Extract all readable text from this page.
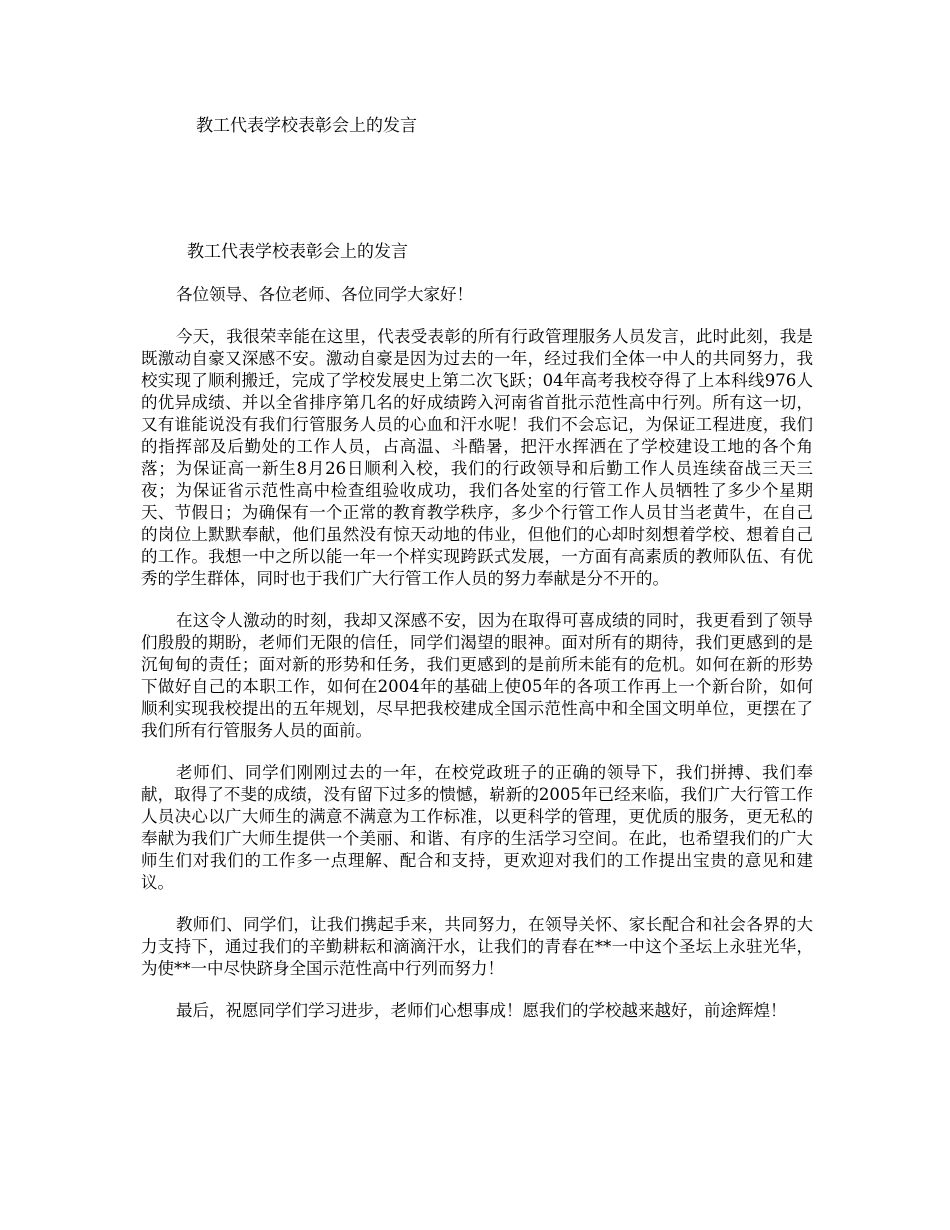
教工代表学校表彰会上的发言

教工代表学校表彰会上的发言

各位领导、各位老师、各位同学大家好！

今天，我很荣幸能在这里，代表受表彰的所有行政管理服务人员发言，此时此刻，我是既激动自豪又深感不安。激动自豪是因为过去的一年，经过我们全体一中人的共同努力，我校实现了顺利搬迁，完成了学校发展史上第二次飞跃；04年高考我校夺得了上本科线976人的优异成绩、并以全省排序第几名的好成绩跨入河南省首批示范性高中行列。所有这一切，又有谁能说没有我们行管服务人员的心血和汗水呢！我们不会忘记，为保证工程进度，我们的指挥部及后勤处的工作人员，占高温、斗酷暑，把汗水挥洒在了学校建设工地的各个角落；为保证高一新生8月26日顺利入校，我们的行政领导和后勤工作人员连续奋战三天三夜；为保证省示范性高中检查组验收成功，我们各处室的行管工作人员牺牲了多少个星期天、节假日；为确保有一个正常的教育教学秩序，多少个行管工作人员甘当老黄牛，在自己的岗位上默默奉献，他们虽然没有惊天动地的伟业，但他们的心却时刻想着学校、想着自己的工作。我想一中之所以能一年一个样实现跨跃式发展，一方面有高素质的教师队伍、有优秀的学生群体，同时也于我们广大行管工作人员的努力奉献是分不开的。

在这令人激动的时刻，我却又深感不安，因为在取得可喜成绩的同时，我更看到了领导们殷殷的期盼，老师们无限的信任，同学们渴望的眼神。面对所有的期待，我们更感到的是沉甸甸的责任；面对新的形势和任务，我们更感到的是前所未能有的危机。如何在新的形势下做好自己的本职工作，如何在2004年的基础上使05年的各项工作再上一个新台阶，如何顺利实现我校提出的五年规划，尽早把我校建成全国示范性高中和全国文明单位，更摆在了我们所有行管服务人员的面前。

老师们、同学们刚刚过去的一年，在校党政班子的正确的领导下，我们拼搏、我们奉献，取得了不斐的成绩，没有留下过多的愦憾，崭新的2005年已经来临，我们广大行管工作人员决心以广大师生的满意不满意为工作标准，以更科学的管理，更优质的服务，更无私的奉献为我们广大师生提供一个美丽、和谐、有序的生活学习空间。在此，也希望我们的广大师生们对我们的工作多一点理解、配合和支持，更欢迎对我们的工作提出宝贵的意见和建议。

教师们、同学们，让我们携起手来，共同努力，在领导关怀、家长配合和社会各界的大力支持下，通过我们的辛勤耕耘和滴滴汗水，让我们的青春在**一中这个圣坛上永驻光华，为使**一中尽快跻身全国示范性高中行列而努力！

最后，祝愿同学们学习进步，老师们心想事成！愿我们的学校越来越好，前途辉煌！
